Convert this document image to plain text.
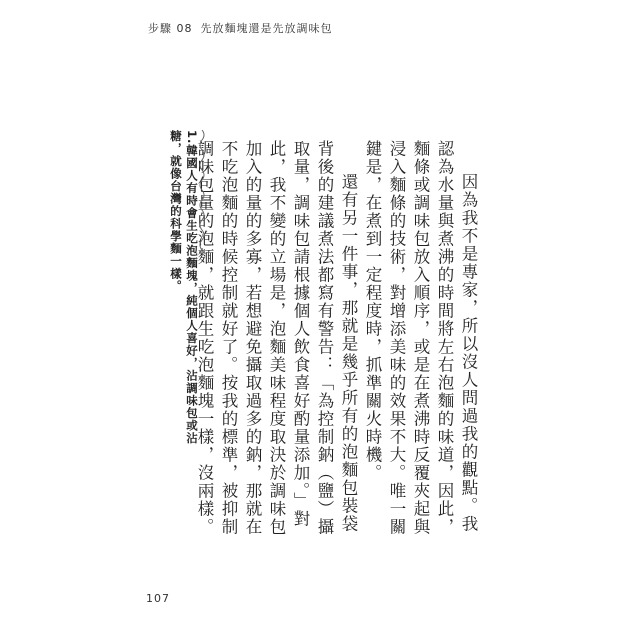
步驟 08 先放麵塊還是先放調味包

因為我不是專家，所以沒人問過我的觀點。我認為水量與煮沸的時間將左右泡麵的味道，因此，麵條或調味包放入順序，或是在煮沸時反覆夾起與浸入麵條的技術，對增添美味的效果不大。唯一關鍵是，在煮到一定程度時，抓準關火時機。

還有另一件事，那就是幾乎所有的泡麵包裝袋背後的建議煮法都寫有警告：「為控制鈉（鹽）攝取量，調味包請根據個人飲食喜好酌量添加。」對此，我不變的立場是，泡麵美味程度取決於調味包加入的量的多寡，若想避免攝取過多的鈉，那就在不吃泡麵的時候控制就好了。按我的標準，被抑制調味包量的泡麵，就跟生吃泡麵塊一樣，沒兩樣。

1.韓國人有時會生吃泡麵塊，純個人喜好，沾調味包或沾糖，就像台灣的科學麵一樣。
107
